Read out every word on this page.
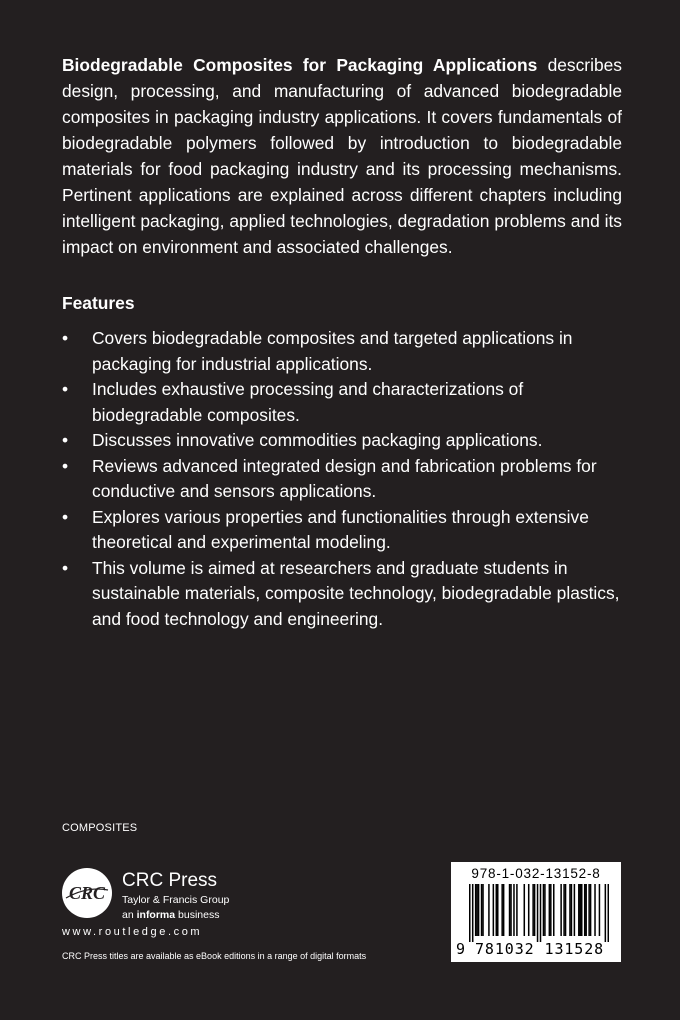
Biodegradable Composites for Packaging Applications describes design, processing, and manufacturing of advanced biodegradable composites in packaging industry applications. It covers fundamentals of biodegradable polymers followed by introduction to biodegradable materials for food packaging industry and its processing mechanisms. Pertinent applications are explained across different chapters including intelligent packaging, applied technologies, degradation problems and its impact on environment and associated challenges.

Features
• Covers biodegradable composites and targeted applications in packaging for industrial applications.
• Includes exhaustive processing and characterizations of biodegradable composites.
• Discusses innovative commodities packaging applications.
• Reviews advanced integrated design and fabrication problems for conductive and sensors applications.
• Explores various properties and functionalities through extensive theoretical and experimental modeling.
• This volume is aimed at researchers and graduate students in sustainable materials, composite technology, biodegradable plastics, and food technology and engineering.
COMPOSITES
CRC
CRC Press
Taylor & Francis Group
an informa business
www.routledge.com
CRC Press titles are available as eBook editions in a range of digital formats
978-1-032-13152-8
9 781032 131528
